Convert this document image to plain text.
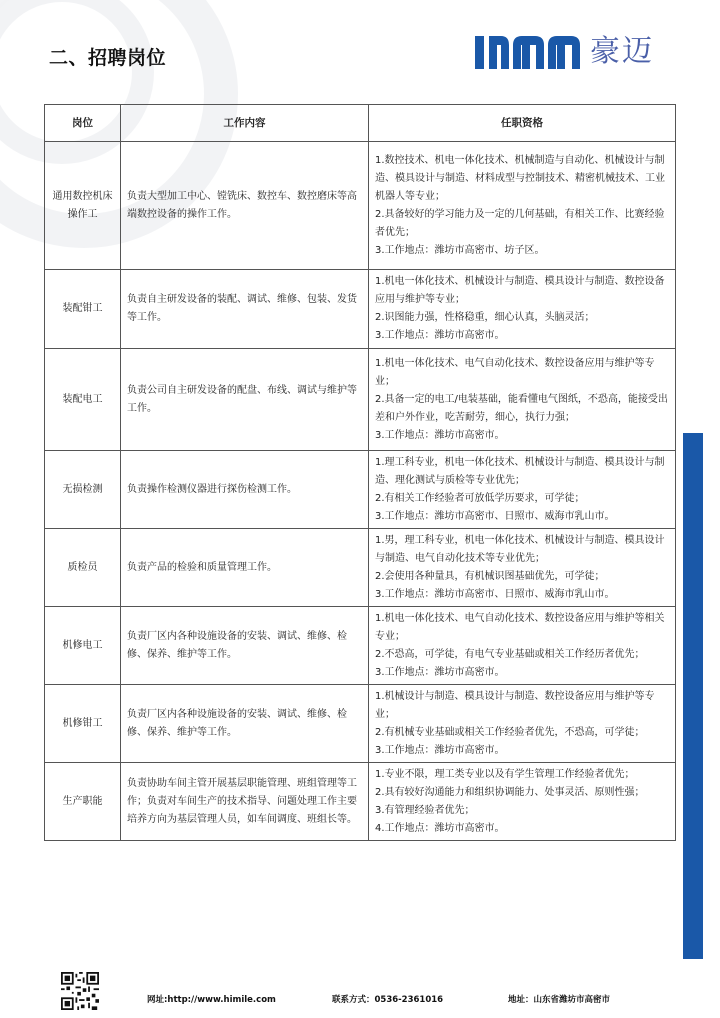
二、招聘岗位	豪迈
岗位	工作内容	任职资格
通用数控机床操作工	负责大型加工中心、镗铣床、数控车、数控磨床等高端数控设备的操作工作。	1.数控技术、机电一体化技术、机械制造与自动化、机械设计与制造、模具设计与制造、材料成型与控制技术、精密机械技术、工业机器人等专业；
2.具备较好的学习能力及一定的几何基础，有相关工作、比赛经验者优先；
3.工作地点：潍坊市高密市、坊子区。

装配钳工	负责自主研发设备的装配、调试、维修、包装、发货等工作。	1.机电一体化技术、机械设计与制造、模具设计与制造、数控设备应用与维护等专业；
2.识图能力强，性格稳重，细心认真，头脑灵活；
3.工作地点：潍坊市高密市。

装配电工	负责公司自主研发设备的配盘、布线、调试与维护等工作。	1.机电一体化技术、电气自动化技术、数控设备应用与维护等专业；
2.具备一定的电工/电装基础，能看懂电气图纸，不恐高，能接受出差和户外作业，吃苦耐劳，细心，执行力强；
3.工作地点：潍坊市高密市。

无损检测	负责操作检测仪器进行探伤检测工作。	1.理工科专业，机电一体化技术、机械设计与制造、模具设计与制造、理化测试与质检等专业优先；
2.有相关工作经验者可放低学历要求，可学徒；
3.工作地点：潍坊市高密市、日照市、威海市乳山市。

质检员	负责产品的检验和质量管理工作。	1.男，理工科专业，机电一体化技术、机械设计与制造、模具设计与制造、电气自动化技术等专业优先；
2.会使用各种量具，有机械识图基础优先，可学徒；
3.工作地点：潍坊市高密市、日照市、威海市乳山市。

机修电工	负责厂区内各种设施设备的安装、调试、维修、检修、保养、维护等工作。	1.机电一体化技术、电气自动化技术、数控设备应用与维护等相关专业；
2.不恐高，可学徒，有电气专业基础或相关工作经历者优先；
3.工作地点：潍坊市高密市。

机修钳工	负责厂区内各种设施设备的安装、调试、维修、检修、保养、维护等工作。	1.机械设计与制造、模具设计与制造、数控设备应用与维护等专业；
2.有机械专业基础或相关工作经验者优先，不恐高，可学徒；
3.工作地点：潍坊市高密市。

生产职能	负责协助车间主管开展基层职能管理、班组管理等工作；负责对车间生产的技术指导、问题处理工作主要培养方向为基层管理人员，如车间调度、班组长等。	1.专业不限，理工类专业以及有学生管理工作经验者优先；
2.具有较好沟通能力和组织协调能力、处事灵活、原则性强；
3.有管理经验者优先；
4.工作地点：潍坊市高密市。
网址:http://www.himile.com	联系方式：0536-2361016	地址：山东省潍坊市高密市
